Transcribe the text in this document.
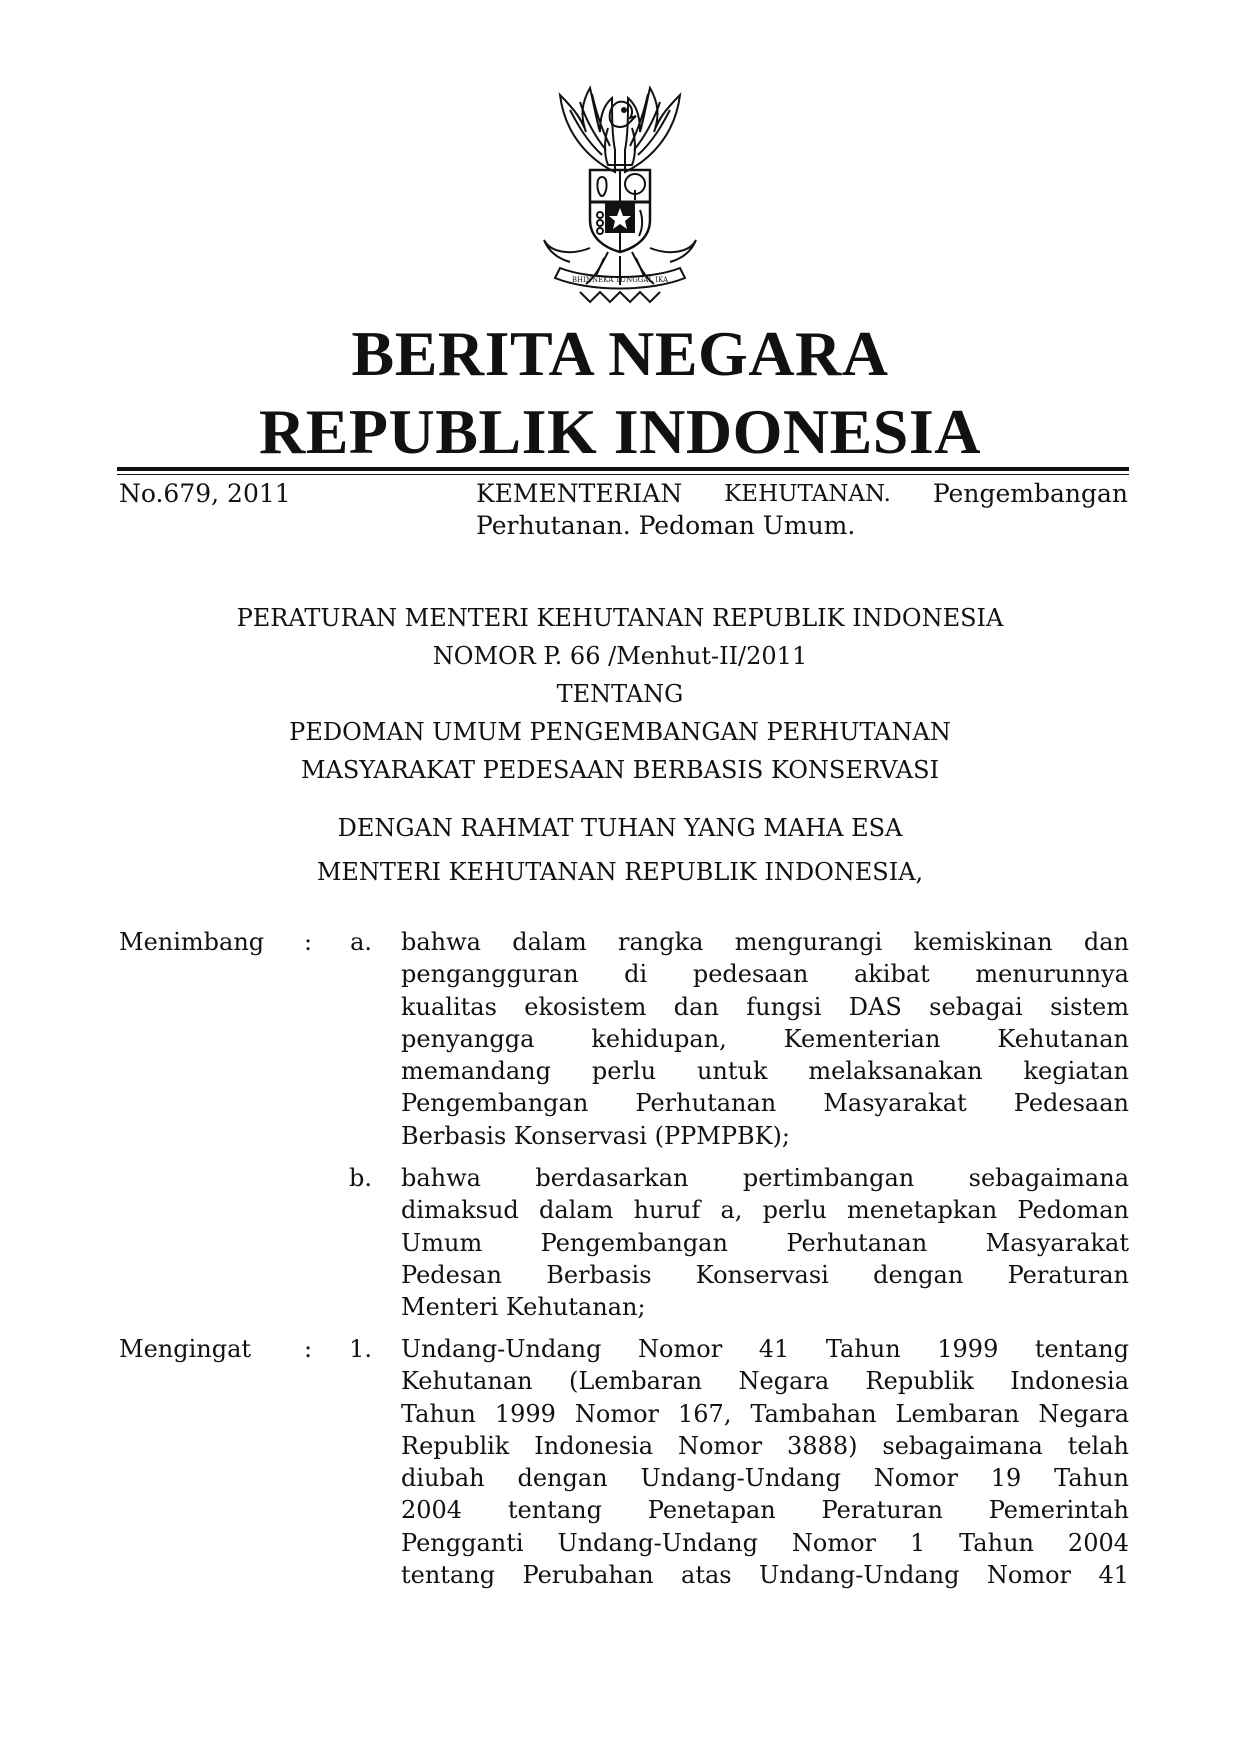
BHINNEKA TUNGGAL IKA
BERITA NEGARA
REPUBLIK INDONESIA
No.679, 2011	KEMENTERIAN KEHUTANAN. Pengembangan
Perhutanan. Pedoman Umum.
PERATURAN MENTERI KEHUTANAN REPUBLIK INDONESIA
NOMOR P. 66 /Menhut-II/2011
TENTANG
PEDOMAN UMUM PENGEMBANGAN PERHUTANAN
MASYARAKAT PEDESAAN BERBASIS KONSERVASI
DENGAN RAHMAT TUHAN YANG MAHA ESA
MENTERI KEHUTANAN REPUBLIK INDONESIA,
Menimbang :	a. bahwa dalam rangka mengurangi kemiskinan dan
pengangguran di pedesaan akibat menurunnya
kualitas ekosistem dan fungsi DAS sebagai sistem
penyangga kehidupan, Kementerian Kehutanan
memandang perlu untuk melaksanakan kegiatan
Pengembangan Perhutanan Masyarakat Pedesaan
Berbasis Konservasi (PPMPBK);
b. bahwa berdasarkan pertimbangan sebagaimana
dimaksud dalam huruf a, perlu menetapkan Pedoman
Umum Pengembangan Perhutanan Masyarakat
Pedesan Berbasis Konservasi dengan Peraturan
Menteri Kehutanan;
Mengingat :	1. Undang-Undang Nomor 41 Tahun 1999 tentang
Kehutanan (Lembaran Negara Republik Indonesia
Tahun 1999 Nomor 167, Tambahan Lembaran Negara
Republik Indonesia Nomor 3888) sebagaimana telah
diubah dengan Undang-Undang Nomor 19 Tahun
2004 tentang Penetapan Peraturan Pemerintah
Pengganti Undang-Undang Nomor 1 Tahun 2004
tentang Perubahan atas Undang-Undang Nomor 41
